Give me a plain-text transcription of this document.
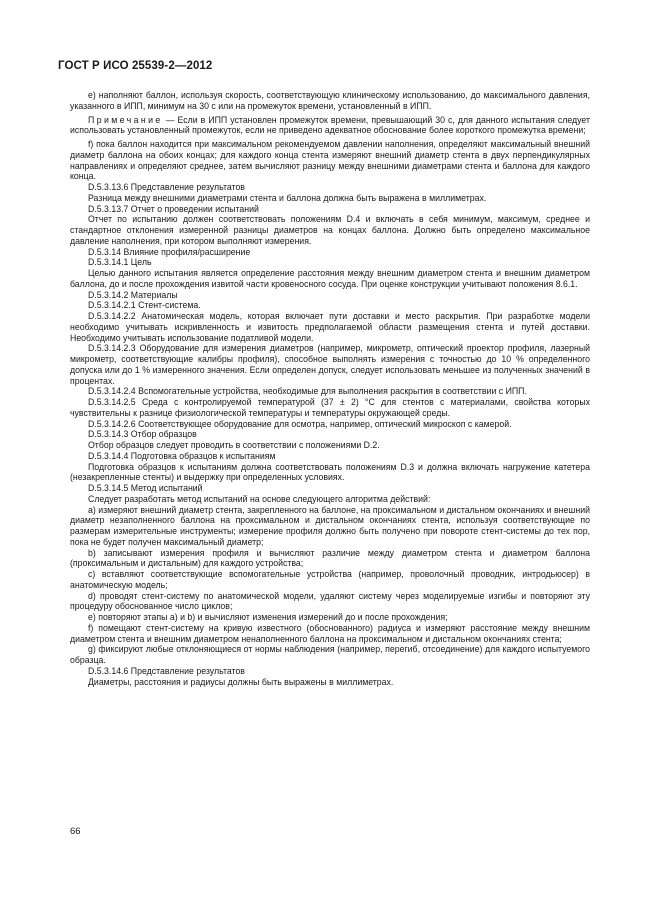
ГОСТ Р ИСО 25539-2—2012

e) наполняют баллон, используя скорость, соответствующую клиническому использованию, до максимального давления, указанного в ИПП, минимум на 30 с или на промежуток времени, установленный в ИПП.

Примечание — Если в ИПП установлен промежуток времени, превышающий 30 с, для данного испытания следует использовать установленный промежуток, если не приведено адекватное обоснование более короткого промежутка времени;

f) пока баллон находится при максимальном рекомендуемом давлении наполнения, определяют максимальный внешний диаметр баллона на обоих концах; для каждого конца стента измеряют внешний диаметр стента в двух перпендикулярных направлениях и определяют среднее, затем вычисляют разницу между внешними диаметрами стента и баллона для каждого конца.

D.5.3.13.6 Представление результатов

Разница между внешними диаметрами стента и баллона должна быть выражена в миллиметрах.

D.5.3.13.7 Отчет о проведении испытаний

Отчет по испытанию должен соответствовать положениям D.4 и включать в себя минимум, максимум, среднее и стандартное отклонения измеренной разницы диаметров на концах баллона. Должно быть определено максимальное давление наполнения, при котором выполняют измерения.

D.5.3.14 Влияние профиля/расширение

D.5.3.14.1 Цель

Целью данного испытания является определение расстояния между внешним диаметром стента и внешним диаметром баллона, до и после прохождения извитой части кровеносного сосуда. При оценке конструкции учитывают положения 8.6.1.

D.5.3.14.2 Материалы

D.5.3.14.2.1 Стент-система.

D.5.3.14.2.2 Анатомическая модель, которая включает пути доставки и место раскрытия. При разработке модели необходимо учитывать искривленность и извитость предполагаемой области размещения стента и путей доставки. Необходимо учитывать использование податливой модели.

D.5.3.14.2.3 Оборудование для измерения диаметров (например, микрометр, оптический проектор профиля, лазерный микрометр, соответствующие калибры профиля), способное выполнять измерения с точностью до 10 % определенного допуска или до 1 % измеренного значения. Если определен допуск, следует использовать меньшее из полученных значений в процентах.

D.5.3.14.2.4 Вспомогательные устройства, необходимые для выполнения раскрытия в соответствии с ИПП.

D.5.3.14.2.5 Среда с контролируемой температурой (37 ± 2) °С для стентов с материалами, свойства которых чувствительны к разнице физиологической температуры и температуры окружающей среды.

D.5.3.14.2.6 Соответствующее оборудование для осмотра, например, оптический микроскоп с камерой.

D.5.3.14.3 Отбор образцов

Отбор образцов следует проводить в соответствии с положениями D.2.

D.5.3.14.4 Подготовка образцов к испытаниям

Подготовка образцов к испытаниям должна соответствовать положениям D.3 и должна включать нагружение катетера (незакрепленные стенты) и выдержку при определенных условиях.

D.5.3.14.5 Метод испытаний

Следует разработать метод испытаний на основе следующего алгоритма действий:

а) измеряют внешний диаметр стента, закрепленного на баллоне, на проксимальном и дистальном окончаниях и внешний диаметр незаполненного баллона на проксимальном и дистальном окончаниях стента, используя соответствующие по размерам измерительные инструменты; измерение профиля должно быть получено при повороте стент-системы до тех пор, пока не будет получен максимальный диаметр;

b) записывают измерения профиля и вычисляют различие между диаметром стента и диаметром баллона (проксимальным и дистальным) для каждого устройства;

c) вставляют соответствующие вспомогательные устройства (например, проволочный проводник, интродьюсер) в анатомическую модель;

d) проводят стент-систему по анатомической модели, удаляют систему через моделируемые изгибы и повторяют эту процедуру обоснованное число циклов;

e) повторяют этапы а) и b) и вычисляют изменения измерений до и после прохождения;

f) помещают стент-систему на кривую известного (обоснованного) радиуса и измеряют расстояние между внешним диаметром стента и внешним диаметром ненаполненного баллона на проксимальном и дистальном окончаниях стента;

g) фиксируют любые отклоняющиеся от нормы наблюдения (например, перегиб, отсоединение) для каждого испытуемого образца.

D.5.3.14.6 Представление результатов

Диаметры, расстояния и радиусы должны быть выражены в миллиметрах.

66
